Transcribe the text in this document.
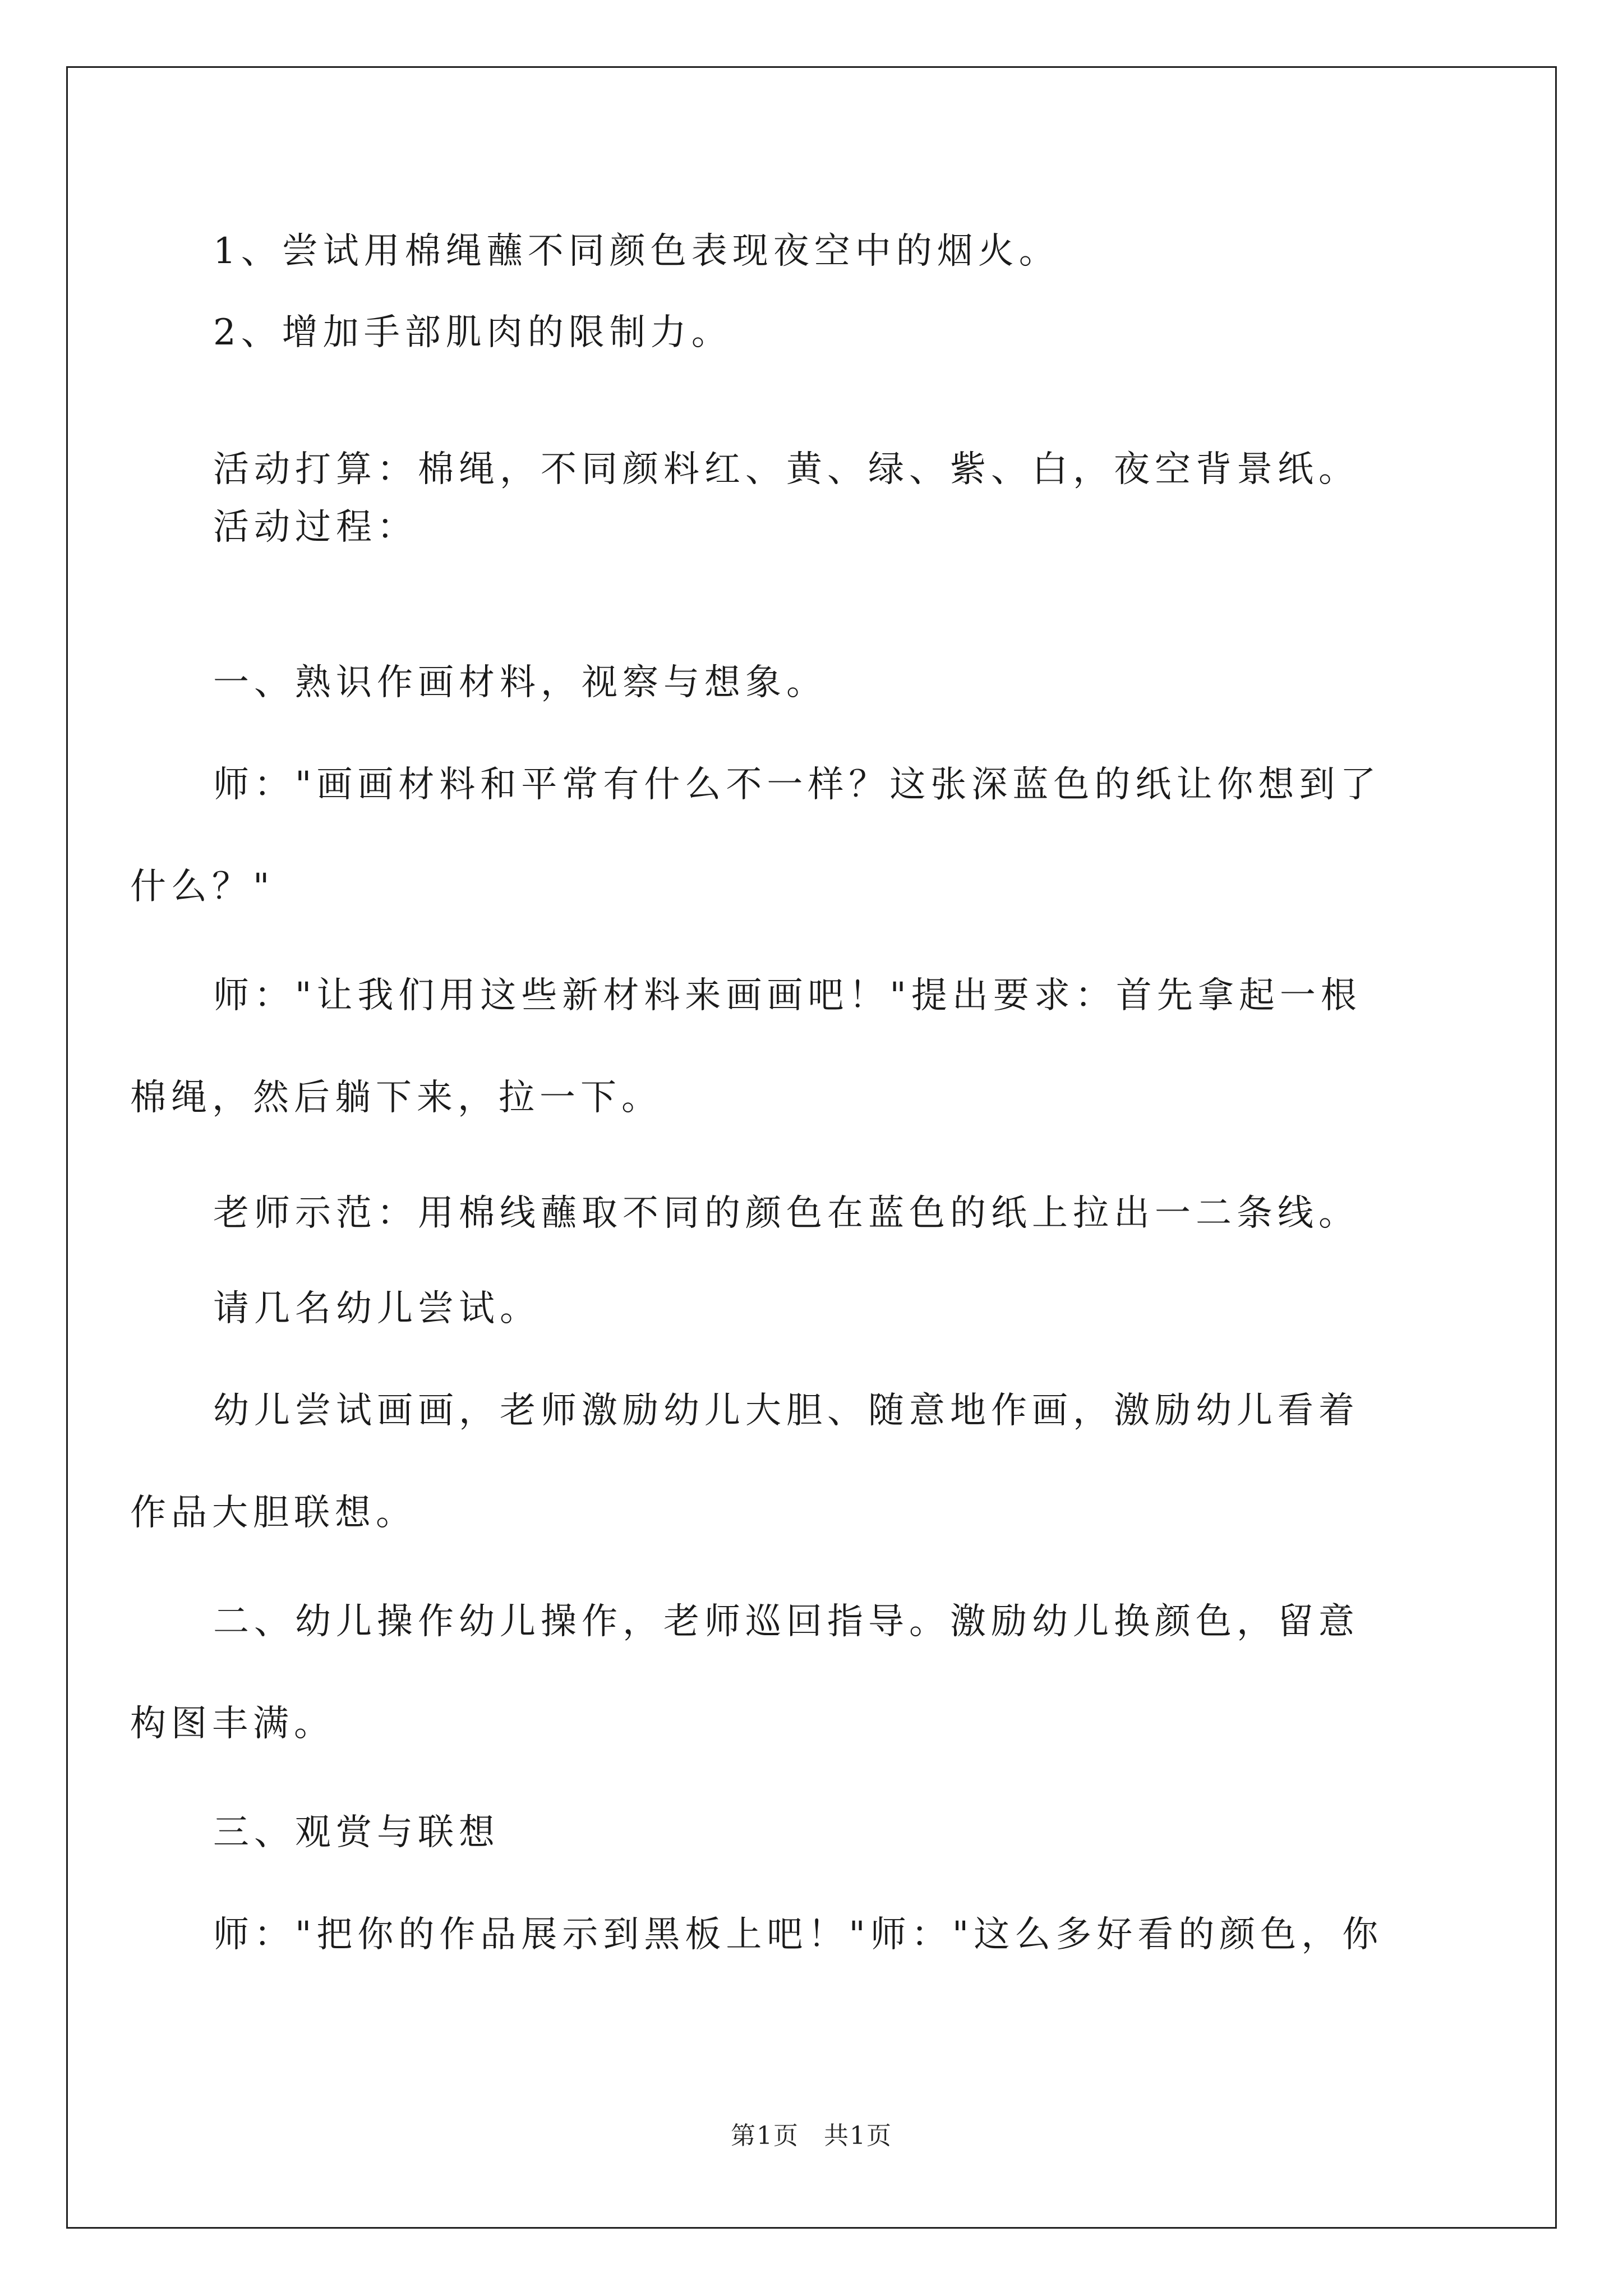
1、尝试用棉绳蘸不同颜色表现夜空中的烟火。
2、增加手部肌肉的限制力。
活动打算：棉绳，不同颜料红、黄、绿、紫、白，夜空背景纸。
活动过程：
一、熟识作画材料，视察与想象。
师："画画材料和平常有什么不一样？这张深蓝色的纸让你想到了
什么？"
师："让我们用这些新材料来画画吧！"提出要求：首先拿起一根
棉绳，然后躺下来，拉一下。
老师示范：用棉线蘸取不同的颜色在蓝色的纸上拉出一二条线。
请几名幼儿尝试。
幼儿尝试画画，老师激励幼儿大胆、随意地作画，激励幼儿看着
作品大胆联想。
二、幼儿操作幼儿操作，老师巡回指导。激励幼儿换颜色，留意
构图丰满。
三、观赏与联想
师："把你的作品展示到黑板上吧！"师："这么多好看的颜色，你
第1页 共1页
